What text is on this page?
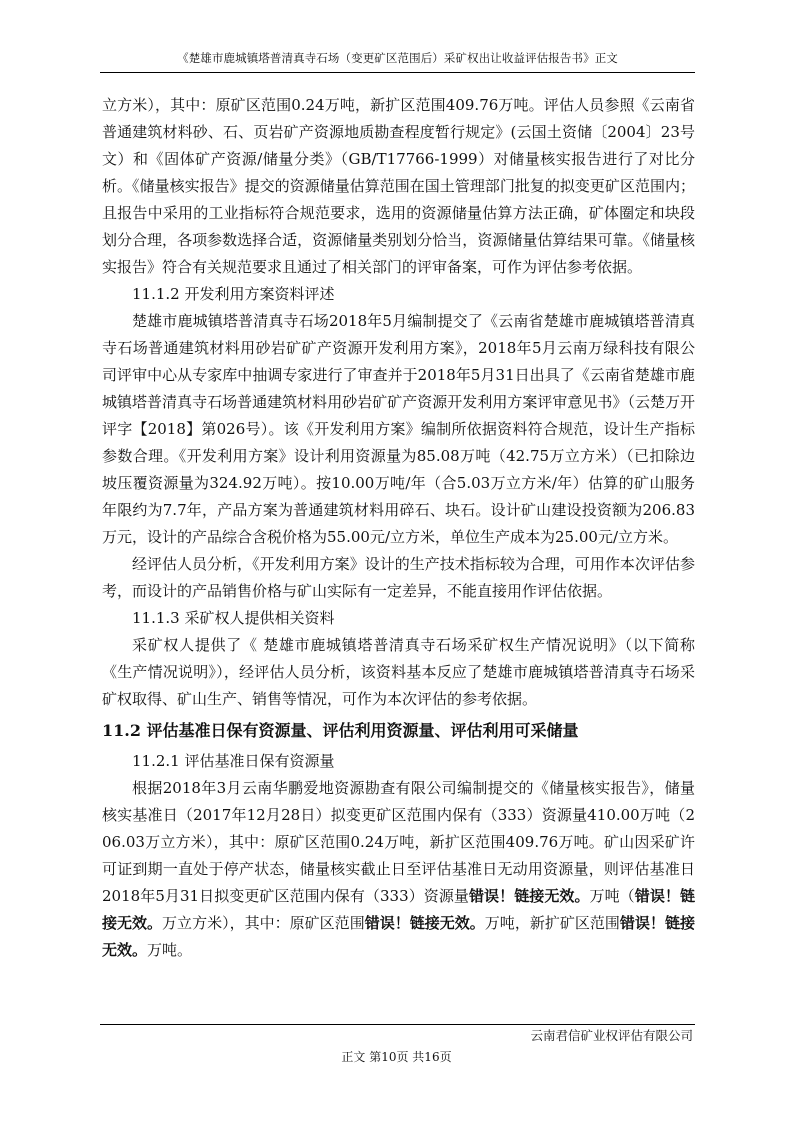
《楚雄市鹿城镇塔普清真寺石场（变更矿区范围后）采矿权出让收益评估报告书》正文

立方米），其中：原矿区范围0.24万吨，新扩区范围409.76万吨。评估人员参照《云南省普通建筑材料砂、石、页岩矿产资源地质勘查程度暂行规定》(云国土资储〔2004〕23号文）和《固体矿产资源/储量分类》（GB/T17766-1999）对储量核实报告进行了对比分析。《储量核实报告》提交的资源储量估算范围在国土管理部门批复的拟变更矿区范围内；且报告中采用的工业指标符合规范要求，选用的资源储量估算方法正确，矿体圈定和块段划分合理，各项参数选择合适，资源储量类别划分恰当，资源储量估算结果可靠。《储量核实报告》符合有关规范要求且通过了相关部门的评审备案，可作为评估参考依据。

11.1.2 开发利用方案资料评述

楚雄市鹿城镇塔普清真寺石场2018年5月编制提交了《云南省楚雄市鹿城镇塔普清真寺石场普通建筑材料用砂岩矿矿产资源开发利用方案》，2018年5月云南万绿科技有限公司评审中心从专家库中抽调专家进行了审查并于2018年5月31日出具了《云南省楚雄市鹿城镇塔普清真寺石场普通建筑材料用砂岩矿矿产资源开发利用方案评审意见书》（云楚万开评字【2018】第026号）。该《开发利用方案》编制所依据资料符合规范，设计生产指标参数合理。《开发利用方案》设计利用资源量为85.08万吨（42.75万立方米）（已扣除边坡压覆资源量为324.92万吨）。按10.00万吨/年（合5.03万立方米/年）估算的矿山服务年限约为7.7年，产品方案为普通建筑材料用碎石、块石。设计矿山建设投资额为206.83万元，设计的产品综合含税价格为55.00元/立方米，单位生产成本为25.00元/立方米。

经评估人员分析，《开发利用方案》设计的生产技术指标较为合理，可用作本次评估参考，而设计的产品销售价格与矿山实际有一定差异，不能直接用作评估依据。

11.1.3 采矿权人提供相关资料

采矿权人提供了《 楚雄市鹿城镇塔普清真寺石场采矿权生产情况说明》（以下简称《生产情况说明》），经评估人员分析，该资料基本反应了楚雄市鹿城镇塔普清真寺石场采矿权取得、矿山生产、销售等情况，可作为本次评估的参考依据。

11.2 评估基准日保有资源量、评估利用资源量、评估利用可采储量

11.2.1 评估基准日保有资源量

根据2018年3月云南华鹏爱地资源勘查有限公司编制提交的《储量核实报告》，储量核实基准日（2017年12月28日）拟变更矿区范围内保有（333）资源量410.00万吨（206.03万立方米），其中：原矿区范围0.24万吨，新扩区范围409.76万吨。矿山因采矿许可证到期一直处于停产状态，储量核实截止日至评估基准日无动用资源量，则评估基准日2018年5月31日拟变更矿区范围内保有（333）资源量错误！链接无效。万吨（错误！链接无效。万立方米），其中：原矿区范围错误！链接无效。万吨，新扩矿区范围错误！链接无效。万吨。

云南君信矿业权评估有限公司
正文 第10页 共16页
